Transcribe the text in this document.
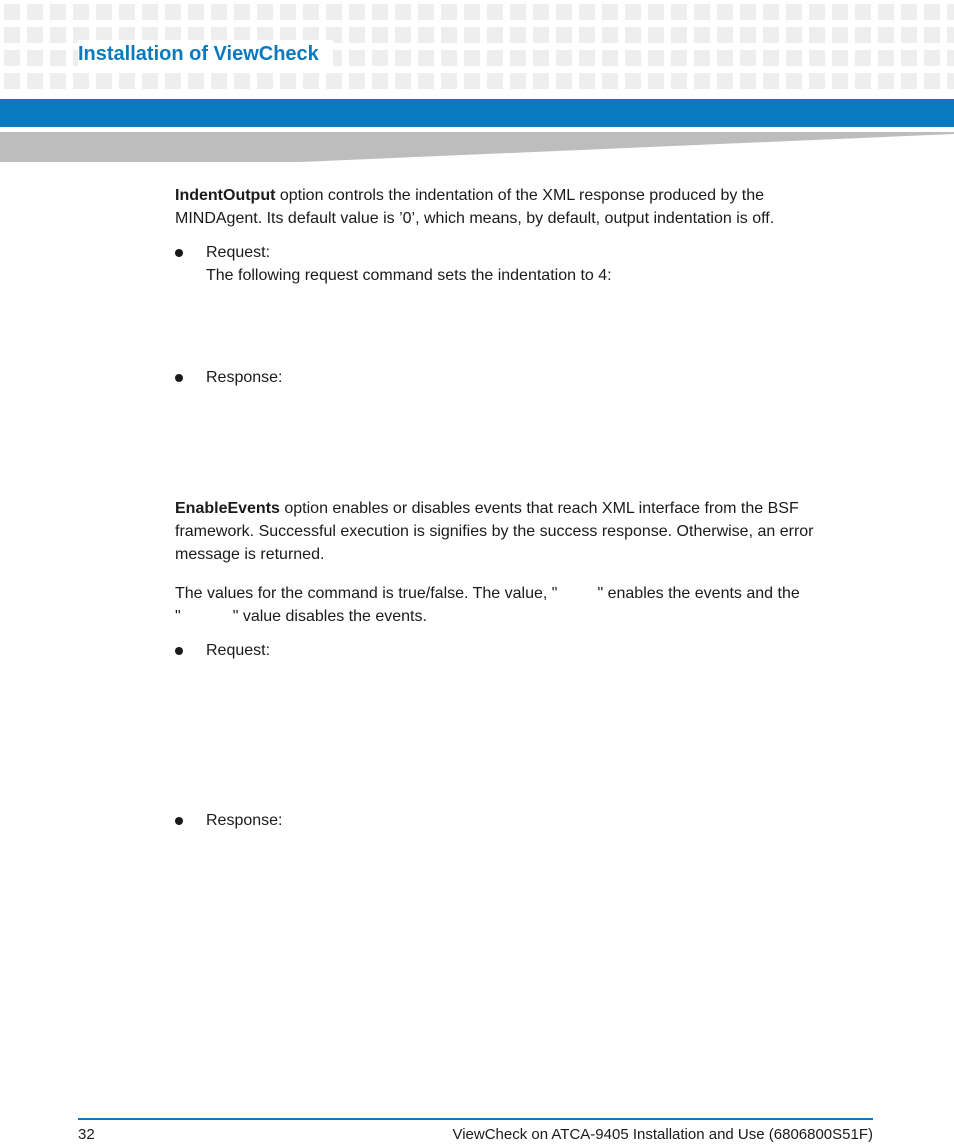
Installation of ViewCheck

IndentOutput option controls the indentation of the XML response produced by the

MINDAgent. Its default value is ’0’, which means, by default, output indentation is off.

Request:
The following request command sets the indentation to 4:
Response:

EnableEvents option enables or disables events that reach XML interface from the BSF

framework. Successful execution is signifies by the success response. Otherwise, an error

message is returned.

The values for the command is true/false. The value, "	" enables the events and the

"	" value disables the events.

Request:
Response:
32	ViewCheck on ATCA-9405 Installation and Use (6806800S51F)
